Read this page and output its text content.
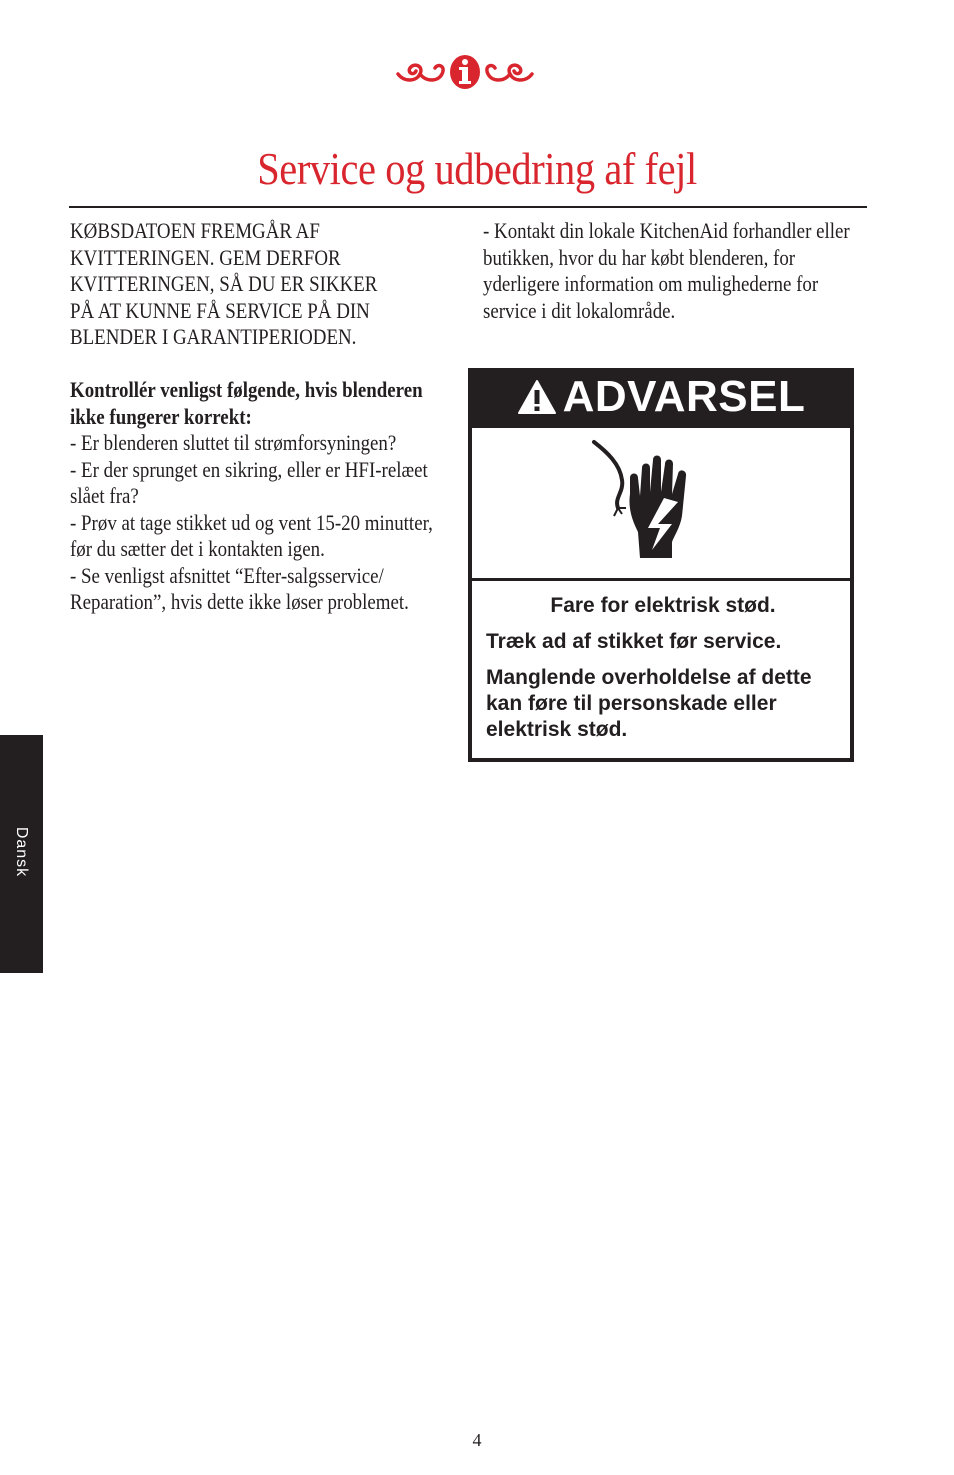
Service og udbedring af fejl

KØBSDATOEN FREMGÅR AF

KVITTERINGEN. GEM DERFOR

KVITTERINGEN, SÅ DU ER SIKKER

PÅ AT KUNNE FÅ SERVICE PÅ DIN

BLENDER I GARANTIPERIODEN.

Kontrollér venligst følgende, hvis blenderen ikke fungerer korrekt:

- Er blenderen sluttet til strømforsyningen?

- Er der sprunget en sikring, eller er HFI-relæet slået fra?

- Prøv at tage stikket ud og vent 15-20 minutter, før du sætter det i kontakten igen.

- Se venligst afsnittet “Efter-salgsservice/ Reparation”, hvis dette ikke løser problemet.

- Kontakt din lokale KitchenAid forhandler eller butikken, hvor du har købt blenderen, for yderligere information om mulighederne for service i dit lokalområde.

ADVARSEL

Fare for elektrisk stød.

Træk ad af stikket før service.

Manglende overholdelse af dette kan føre til personskade eller elektrisk stød.

Dansk
4
